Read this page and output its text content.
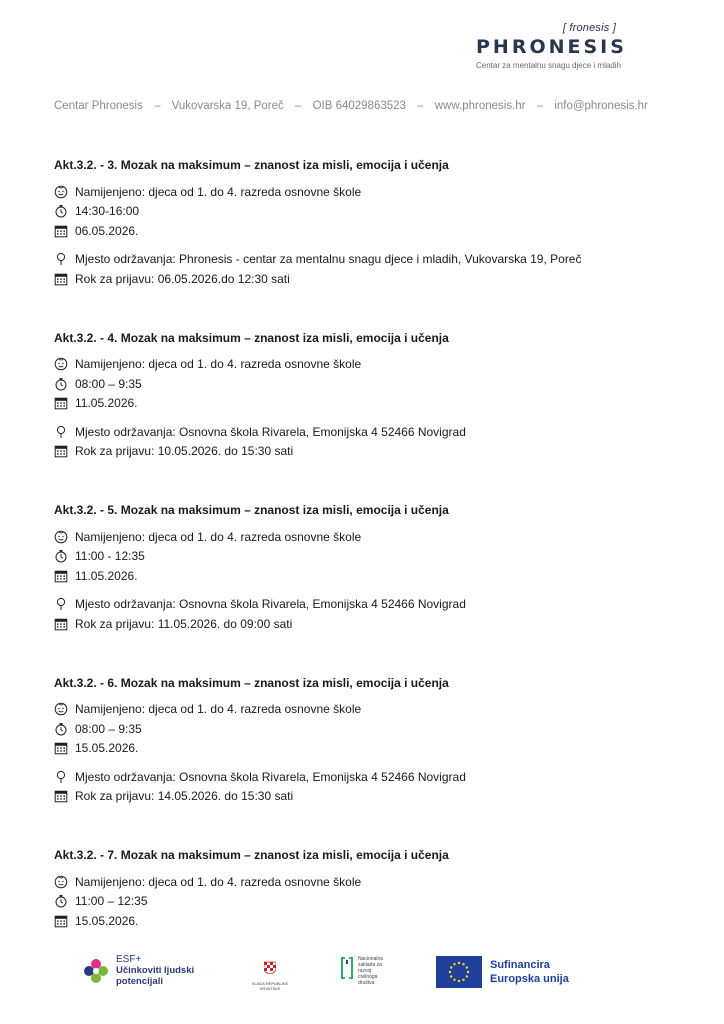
[ fronesis ]
PHRONESIS
Centar za mentalnu snagu djece i mladih
Centar Phronesis – Vukovarska 19, Poreč – OIB 64029863523 – www.phronesis.hr – info@phronesis.hr
Akt.3.2. - 3. Mozak na maksimum – znanost iza misli, emocija i učenja
Namijenjeno: djeca od 1. do 4. razreda osnovne škole
14:30-16:00
06.05.2026.
Mjesto održavanja: Phronesis - centar za mentalnu snagu djece i mladih, Vukovarska 19, Poreč
Rok za prijavu: 06.05.2026.do 12:30 sati
Akt.3.2. - 4. Mozak na maksimum – znanost iza misli, emocija i učenja
Namijenjeno: djeca od 1. do 4. razreda osnovne škole
08:00 – 9:35
11.05.2026.
Mjesto održavanja: Osnovna škola Rivarela, Emonijska 4 52466 Novigrad
Rok za prijavu: 10.05.2026. do 15:30 sati
Akt.3.2. - 5. Mozak na maksimum – znanost iza misli, emocija i učenja
Namijenjeno: djeca od 1. do 4. razreda osnovne škole
11:00 - 12:35
11.05.2026.
Mjesto održavanja: Osnovna škola Rivarela, Emonijska 4 52466 Novigrad
Rok za prijavu: 11.05.2026. do 09:00 sati
Akt.3.2. - 6. Mozak na maksimum – znanost iza misli, emocija i učenja
Namijenjeno: djeca od 1. do 4. razreda osnovne škole
08:00 – 9:35
15.05.2026.
Mjesto održavanja: Osnovna škola Rivarela, Emonijska 4 52466 Novigrad
Rok za prijavu: 14.05.2026. do 15:30 sati
Akt.3.2. - 7. Mozak na maksimum – znanost iza misli, emocija i učenja
Namijenjeno: djeca od 1. do 4. razreda osnovne škole
11:00 – 12:35
15.05.2026.
ESF+
Učinkoviti ljudski
potencijali	VLADA REPUBLIKE HRVATSKE
Nacionalna zaklada za razvoj civilnoga društva
Sufinancira
Europska unija
